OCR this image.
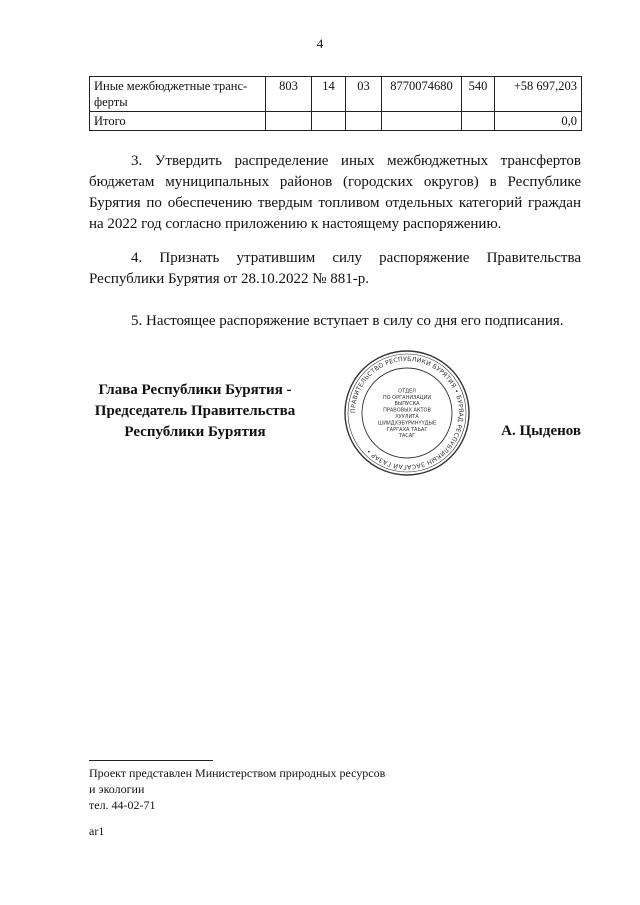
4
Иные межбюджетные транс-ферты	803	14	03	8770074680	540	+58 697,203
Итого						0,0

3. Утвердить распределение иных межбюджетных трансфертов бюджетам муниципальных районов (городских округов) в Республике Бурятия по обеспечению твердым топливом отдельных категорий граждан на 2022 год согласно приложению к настоящему распоряжению.

4. Признать утратившим силу распоряжение Правительства Республики Бурятия от 28.10.2022 № 881-р.

5. Настоящее распоряжение вступает в силу со дня его подписания.

Глава Республики Бурятия - Председатель Правительства Республики Бурятия
ПРАВИТЕЛЬСТВО РЕСПУБЛИКИ БУРЯТИЯ • БУРЯАД РЕСПУБЛИКЫН ЗАСАГАЙ ГАЗАР •
ОТДЕЛ
ПО ОРГАНИЗАЦИИ
ВЫПУСКА
ПРАВОВЫХ АКТОВ
ХУУЛИТА
ШИИДХЭБҮРИНҮҮДЫЕ
ГАРГАХА ТАЬАГ
ТАСАГ	А. Цыденов
Проект представлен Министерством природных ресурсов
и экологии
тел. 44-02-71
ar1
